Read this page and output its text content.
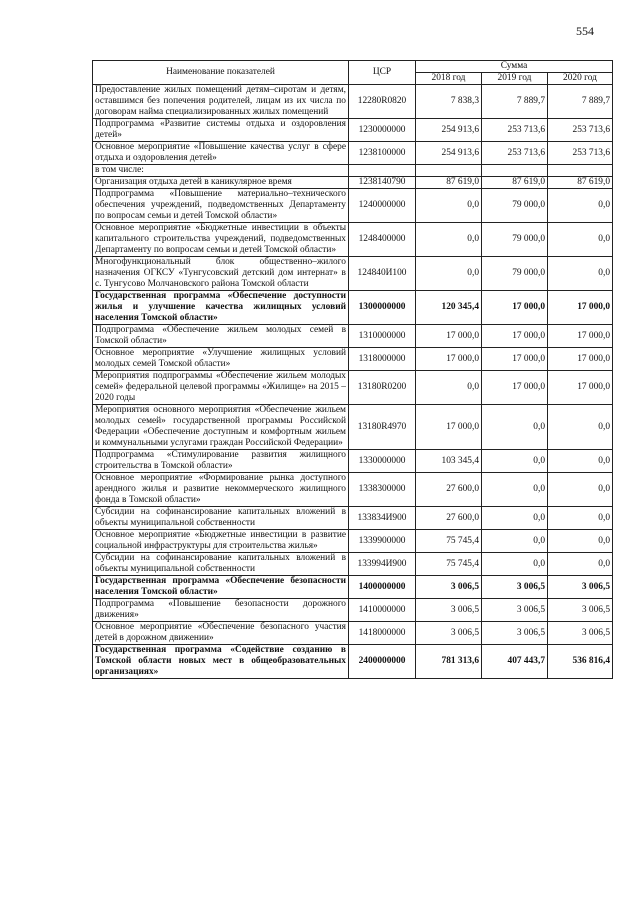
554
Наименование показателей	ЦСР	Сумма		
		2018 год	2019 год	2020 год
Предоставление жилых помещений детям–сиротам и детям, оставшимся без попечения родителей, лицам из их числа по договорам найма специализированных жилых помещений	12280R0820	7 838,3	7 889,7	7 889,7
Подпрограмма «Развитие системы отдыха и оздоровления детей»	1230000000	254 913,6	253 713,6	253 713,6
Основное мероприятие «Повышение качества услуг в сфере отдыха и оздоровления детей»	1238100000	254 913,6	253 713,6	253 713,6
в том числе:				
Организация отдыха детей в каникулярное время	1238140790	87 619,0	87 619,0	87 619,0
Подпрограмма «Повышение материально–технического обеспечения учреждений, подведомственных Департаменту по вопросам семьи и детей Томской области»	1240000000	0,0	79 000,0	0,0
Основное мероприятие «Бюджетные инвестиции в объекты капитального строительства учреждений, подведомственных Департаменту по вопросам семьи и детей Томской области»	1248400000	0,0	79 000,0	0,0
Многофункциональный блок общественно–жилого назначения ОГКСУ «Тунгусовский детский дом интернат» в с. Тунгусово Молчановского района Томской области	124840И100	0,0	79 000,0	0,0
Государственная программа «Обеспечение доступности жилья и улучшение качества жилищных условий населения Томской области»	1300000000	120 345,4	17 000,0	17 000,0
Подпрограмма «Обеспечение жильем молодых семей в Томской области»	1310000000	17 000,0	17 000,0	17 000,0
Основное мероприятие «Улучшение жилищных условий молодых семей Томской области»	1318000000	17 000,0	17 000,0	17 000,0
Мероприятия подпрограммы «Обеспечение жильем молодых семей» федеральной целевой программы «Жилище» на 2015 – 2020 годы	13180R0200	0,0	17 000,0	17 000,0
Мероприятия основного мероприятия «Обеспечение жильем молодых семей» государственной программы Российской Федерации «Обеспечение доступным и комфортным жильем и коммунальными услугами граждан Российской Федерации»	13180R4970	17 000,0	0,0	0,0
Подпрограмма «Стимулирование развития жилищного строительства в Томской области»	1330000000	103 345,4	0,0	0,0
Основное мероприятие «Формирование рынка доступного арендного жилья и развитие некоммерческого жилищного фонда в Томской области»	1338300000	27 600,0	0,0	0,0
Субсидии на софинансирование капитальных вложений в объекты муниципальной собственности	133834И900	27 600,0	0,0	0,0
Основное мероприятие «Бюджетные инвестиции в развитие социальной инфраструктуры для строительства жилья»	1339900000	75 745,4	0,0	0,0
Субсидии на софинансирование капитальных вложений в объекты муниципальной собственности	133994И900	75 745,4	0,0	0,0
Государственная программа «Обеспечение безопасности населения Томской области»	1400000000	3 006,5	3 006,5	3 006,5
Подпрограмма «Повышение безопасности дорожного движения»	1410000000	3 006,5	3 006,5	3 006,5
Основное мероприятие «Обеспечение безопасного участия детей в дорожном движении»	1418000000	3 006,5	3 006,5	3 006,5
Государственная программа «Содействие созданию в Томской области новых мест в общеобразовательных организациях»	2400000000	781 313,6	407 443,7	536 816,4
